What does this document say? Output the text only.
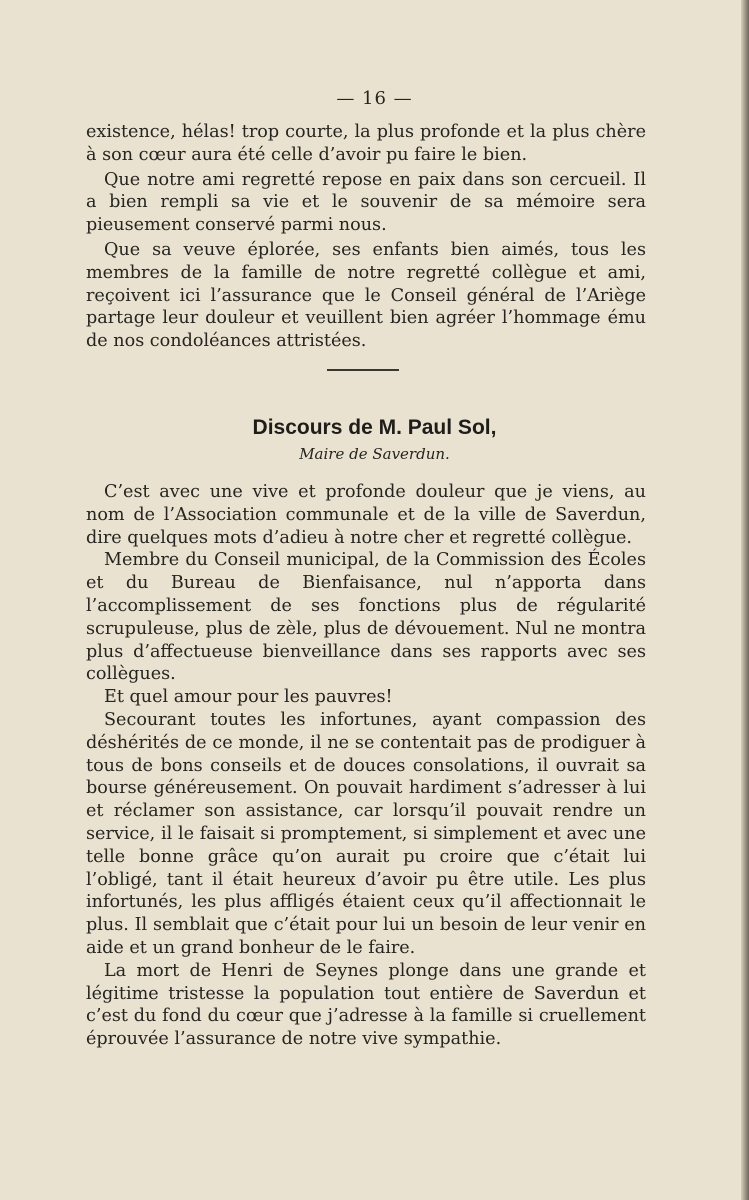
— 16 —

existence, hélas! trop courte, la plus profonde et la plus chère à son cœur aura été celle d’avoir pu faire le bien.

Que notre ami regretté repose en paix dans son cercueil. Il a bien rempli sa vie et le souvenir de sa mémoire sera pieusement conservé parmi nous.

Que sa veuve éplorée, ses enfants bien aimés, tous les membres de la famille de notre regretté collègue et ami, reçoivent ici l’assurance que le Conseil général de l’Ariège partage leur douleur et veuillent bien agréer l’hommage ému de nos condoléances attristées.

Discours de M. Paul Sol,
Maire de Saverdun.

C’est avec une vive et profonde douleur que je viens, au nom de l’Association communale et de la ville de Saverdun, dire quelques mots d’adieu à notre cher et regretté collègue.

Membre du Conseil municipal, de la Commission des Écoles et du Bureau de Bienfaisance, nul n’apporta dans l’accomplissement de ses fonctions plus de régularité scrupuleuse, plus de zèle, plus de dévouement. Nul ne montra plus d’affectueuse bienveillance dans ses rapports avec ses collègues.

Et quel amour pour les pauvres!

Secourant toutes les infortunes, ayant compassion des déshérités de ce monde, il ne se contentait pas de prodiguer à tous de bons conseils et de douces consolations, il ouvrait sa bourse généreusement. On pouvait hardiment s’adresser à lui et réclamer son assistance, car lorsqu’il pouvait rendre un service, il le faisait si promptement, si simplement et avec une telle bonne grâce qu’on aurait pu croire que c’était lui l’obligé, tant il était heureux d’avoir pu être utile. Les plus infortunés, les plus affligés étaient ceux qu’il affectionnait le plus. Il semblait que c’était pour lui un besoin de leur venir en aide et un grand bonheur de le faire.

La mort de Henri de Seynes plonge dans une grande et légitime tristesse la population tout entière de Saverdun et c’est du fond du cœur que j’adresse à la famille si cruellement éprouvée l’assurance de notre vive sympathie.
